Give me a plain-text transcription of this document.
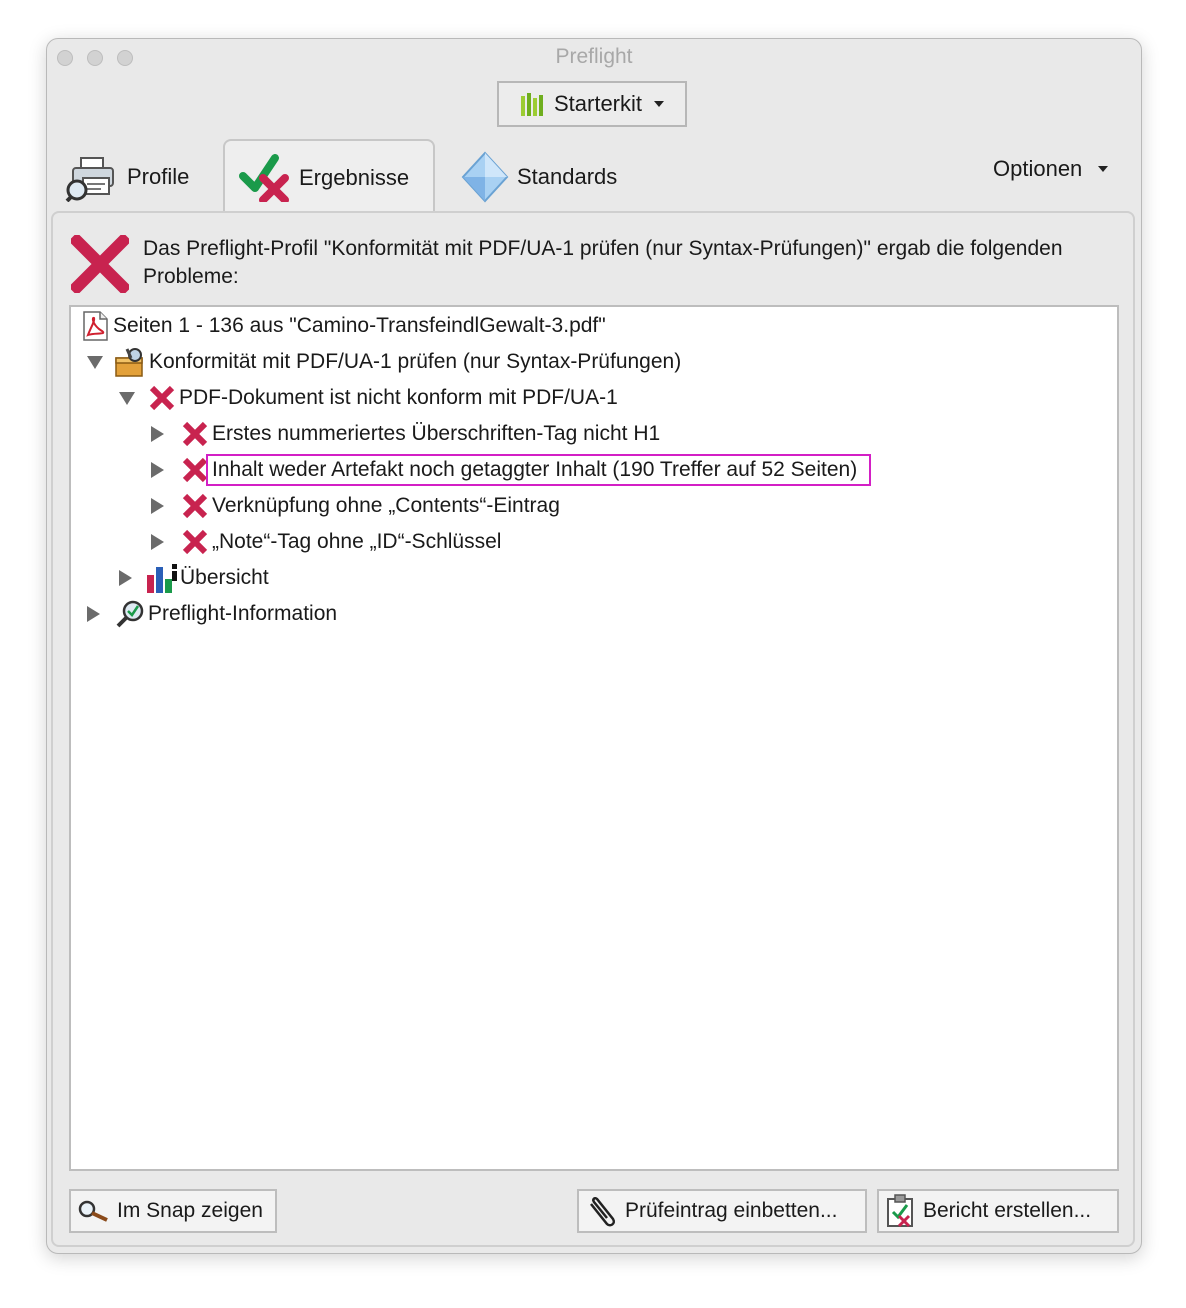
Preflight
Starterkit
Profile	Ergebnisse	Standards	Optionen
Das Preflight-Profil "Konformität mit PDF/UA-1 prüfen (nur Syntax-Prüfungen)" ergab die folgenden Probleme:
Seiten 1 - 136 aus "Camino-TransfeindlGewalt-3.pdf"
Konformität mit PDF/UA-1 prüfen (nur Syntax-Prüfungen)
PDF-Dokument ist nicht konform mit PDF/UA-1
Erstes nummeriertes Überschriften-Tag nicht H1
Inhalt weder Artefakt noch getaggter Inhalt (190 Treffer auf 52 Seiten)
Verknüpfung ohne „Contents“-Eintrag
„Note“-Tag ohne „ID“-Schlüssel
Übersicht
Preflight-Information
Im Snap zeigen	Prüfeintrag einbetten...	Bericht erstellen...
